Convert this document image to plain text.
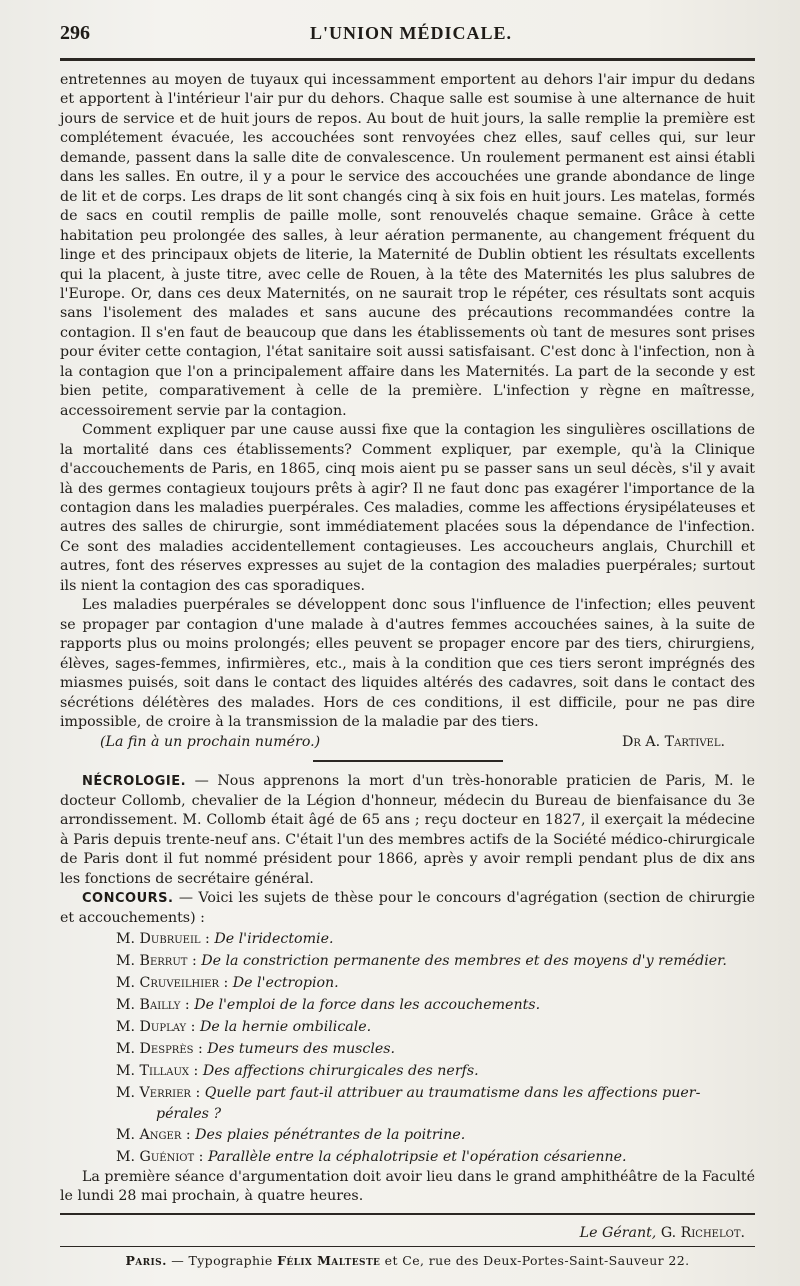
296	L'UNION MÉDICALE.

entretennes au moyen de tuyaux qui incessamment emportent au dehors l'air impur du dedans et apportent à l'intérieur l'air pur du dehors. Chaque salle est soumise à une alternance de huit jours de service et de huit jours de repos. Au bout de huit jours, la salle remplie la première est complétement évacuée, les accouchées sont renvoyées chez elles, sauf celles qui, sur leur demande, passent dans la salle dite de convalescence. Un roulement permanent est ainsi établi dans les salles. En outre, il y a pour le service des accouchées une grande abondance de linge de lit et de corps. Les draps de lit sont changés cinq à six fois en huit jours. Les matelas, formés de sacs en coutil remplis de paille molle, sont renouvelés chaque semaine. Grâce à cette habitation peu prolongée des salles, à leur aération permanente, au changement fréquent du linge et des principaux objets de literie, la Maternité de Dublin obtient les résultats excellents qui la placent, à juste titre, avec celle de Rouen, à la tête des Maternités les plus salubres de l'Europe. Or, dans ces deux Maternités, on ne saurait trop le répéter, ces résultats sont acquis sans l'isolement des malades et sans aucune des précautions recommandées contre la contagion. Il s'en faut de beaucoup que dans les établissements où tant de mesures sont prises pour éviter cette contagion, l'état sanitaire soit aussi satisfaisant. C'est donc à l'infection, non à la contagion que l'on a principalement affaire dans les Maternités. La part de la seconde y est bien petite, comparativement à celle de la première. L'infection y règne en maîtresse, accessoirement servie par la contagion.

Comment expliquer par une cause aussi fixe que la contagion les singulières oscillations de la mortalité dans ces établissements? Comment expliquer, par exemple, qu'à la Clinique d'accouchements de Paris, en 1865, cinq mois aient pu se passer sans un seul décès, s'il y avait là des germes contagieux toujours prêts à agir? Il ne faut donc pas exagérer l'importance de la contagion dans les maladies puerpérales. Ces maladies, comme les affections érysipélateuses et autres des salles de chirurgie, sont immédiatement placées sous la dépendance de l'infection. Ce sont des maladies accidentellement contagieuses. Les accoucheurs anglais, Churchill et autres, font des réserves expresses au sujet de la contagion des maladies puerpérales; surtout ils nient la contagion des cas sporadiques.

Les maladies puerpérales se développent donc sous l'influence de l'infection; elles peuvent se propager par contagion d'une malade à d'autres femmes accouchées saines, à la suite de rapports plus ou moins prolongés; elles peuvent se propager encore par des tiers, chirurgiens, élèves, sages-femmes, infirmières, etc., mais à la condition que ces tiers seront imprégnés des miasmes puisés, soit dans le contact des liquides altérés des cadavres, soit dans le contact des sécrétions délétères des malades. Hors de ces conditions, il est difficile, pour ne pas dire impossible, de croire à la transmission de la maladie par des tiers.

(La fin à un prochain numéro.)	Dr A. Tartivel.

NÉCROLOGIE. — Nous apprenons la mort d'un très-honorable praticien de Paris, M. le docteur Collomb, chevalier de la Légion d'honneur, médecin du Bureau de bienfaisance du 3e arrondissement. M. Collomb était âgé de 65 ans ; reçu docteur en 1827, il exerçait la médecine à Paris depuis trente-neuf ans. C'était l'un des membres actifs de la Société médico-chirurgicale de Paris dont il fut nommé président pour 1866, après y avoir rempli pendant plus de dix ans les fonctions de secrétaire général.

CONCOURS. — Voici les sujets de thèse pour le concours d'agrégation (section de chirurgie et accouchements) :

M. Dubrueil : De l'iridectomie.
M. Berrut : De la constriction permanente des membres et des moyens d'y remédier.
M. Cruveilhier : De l'ectropion.
M. Bailly : De l'emploi de la force dans les accouchements.
M. Duplay : De la hernie ombilicale.
M. Desprès : Des tumeurs des muscles.
M. Tillaux : Des affections chirurgicales des nerfs.
M. Verrier : Quelle part faut-il attribuer au traumatisme dans les affections puer-
pérales ?
M. Anger : Des plaies pénétrantes de la poitrine.
M. Guéniot : Parallèle entre la céphalotripsie et l'opération césarienne.

La première séance d'argumentation doit avoir lieu dans le grand amphithéâtre de la Faculté le lundi 28 mai prochain, à quatre heures.

Le Gérant, G. Richelot.
Paris. — Typographie Félix Malteste et Ce, rue des Deux-Portes-Saint-Sauveur 22.
